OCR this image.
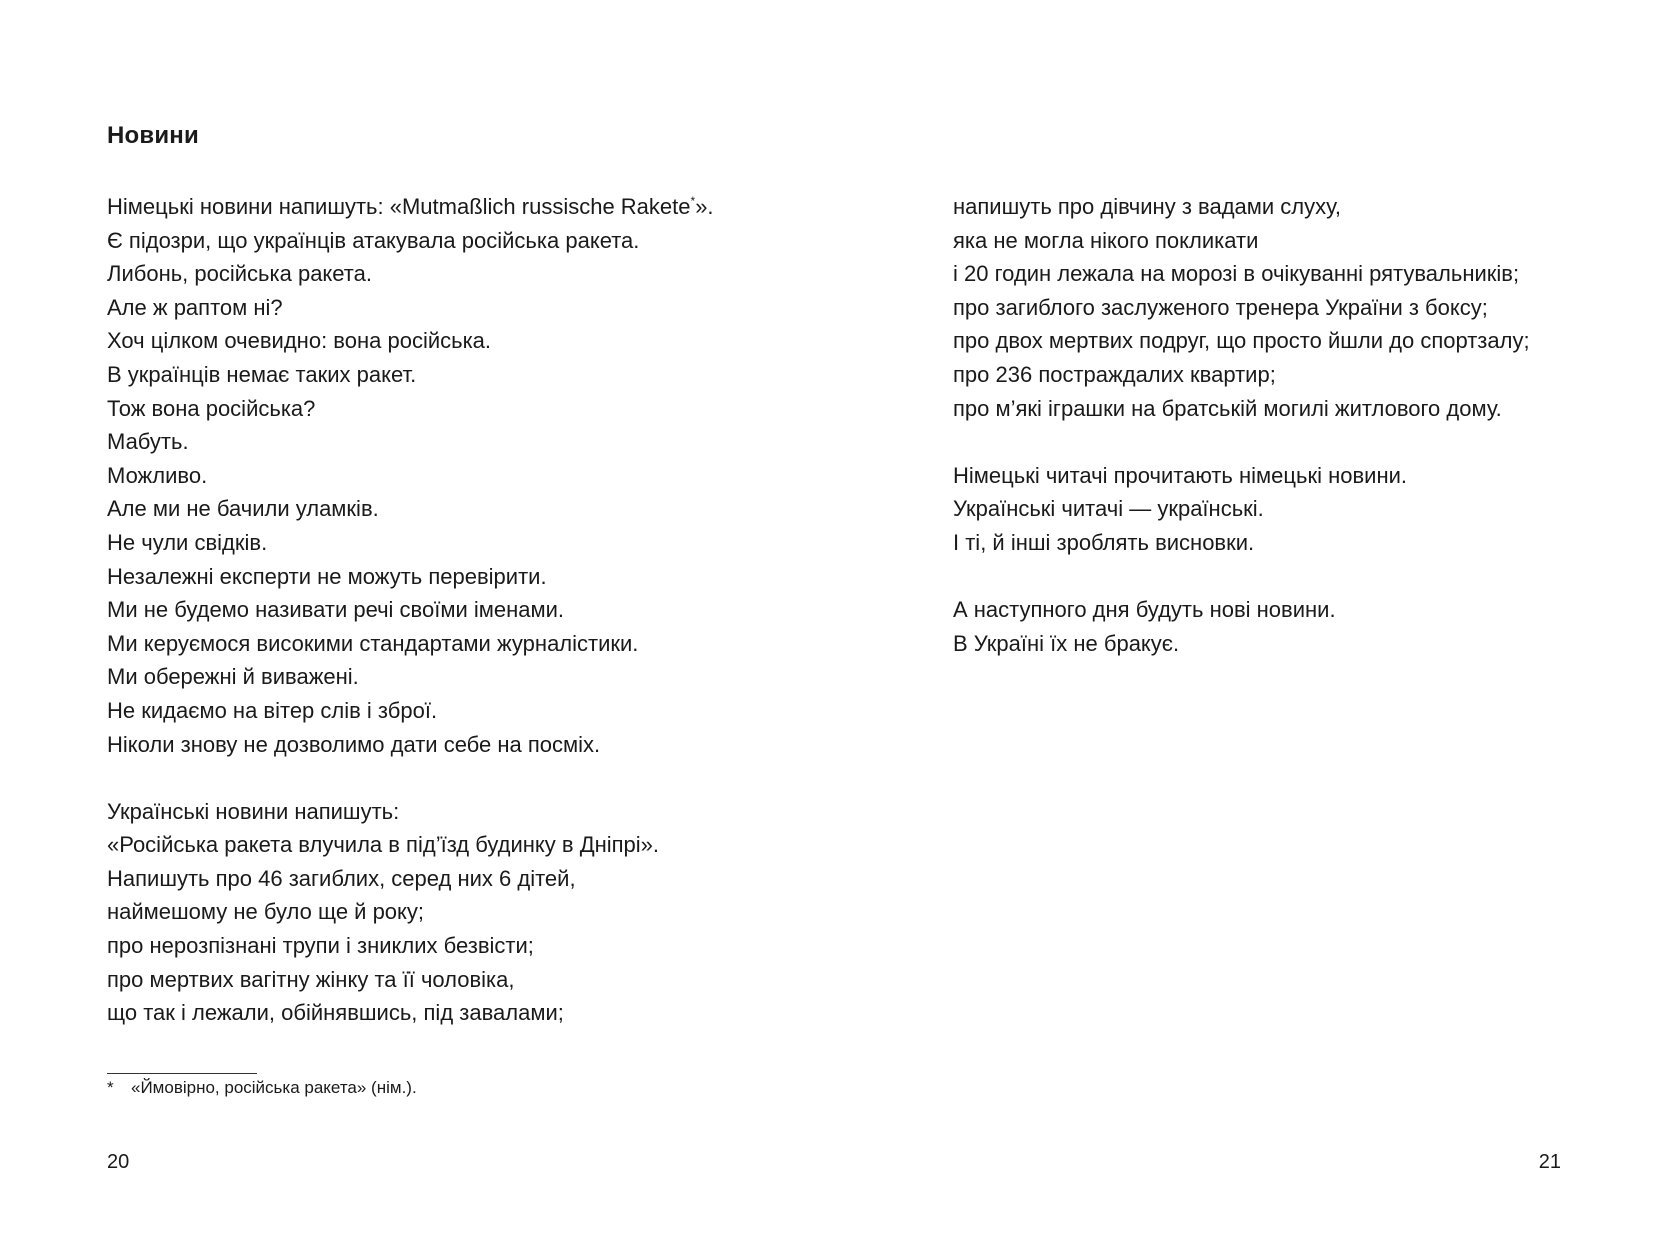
Новини
Німецькі новини напишуть: «Mutmaßlich russische Rakete*».
Є підозри, що українців атакувала російська ракета.
Либонь, російська ракета.
Але ж раптом ні?
Хоч цілком очевидно: вона російська.
В українців немає таких ракет.
Тож вона російська?
Мабуть.
Можливо.
Але ми не бачили уламків.
Не чули свідків.
Незалежні експерти не можуть перевірити.
Ми не будемо називати речі своїми іменами.
Ми керуємося високими стандартами журналістики.
Ми обережні й виважені.
Не кидаємо на вітер слів і зброї.
Ніколи знову не дозволимо дати себе на посміх.
Українські новини напишуть:
«Російська ракета влучила в під’їзд будинку в Дніпрі».
Напишуть про 46 загиблих, серед них 6 дітей,
наймешому не було ще й року;
про нерозпізнані трупи і зниклих безвісти;
про мертвих вагітну жінку та її чоловіка,
що так і лежали, обійнявшись, під завалами;
* «Ймовірно, російська ракета» (нім.).
20
напишуть про дівчину з вадами слуху,
яка не могла нікого покликати
і 20 годин лежала на морозі в очікуванні рятувальників;
про загиблого заслуженого тренера України з боксу;
про двох мертвих подруг, що просто йшли до спортзалу;
про 236 постраждалих квартир;
про м’які іграшки на братській могилі житлового дому.
Німецькі читачі прочитають німецькі новини.
Українські читачі — українські.
І ті, й інші зроблять висновки.
А наступного дня будуть нові новини.
В Україні їх не бракує.
21
